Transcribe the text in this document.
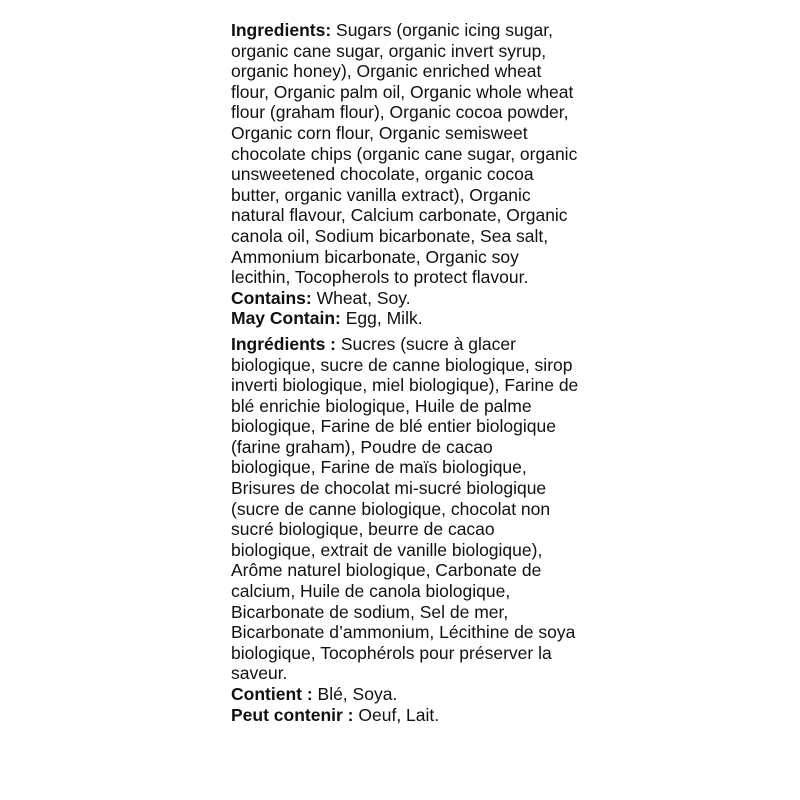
Ingredients: Sugars (organic icing sugar, organic cane sugar, organic invert syrup, organic honey), Organic enriched wheat flour, Organic palm oil, Organic whole wheat flour (graham flour), Organic cocoa powder, Organic corn flour, Organic semisweet chocolate chips (organic cane sugar, organic unsweetened chocolate, organic cocoa butter, organic vanilla extract), Organic natural flavour, Calcium carbonate, Organic canola oil, Sodium bicarbonate, Sea salt, Ammonium bicarbonate, Organic soy lecithin, Tocopherols to protect flavour. Contains: Wheat, Soy.

May Contain: Egg, Milk.

Ingrédients : Sucres (sucre à glacer biologique, sucre de canne biologique, sirop inverti biologique, miel biologique), Farine de blé enrichie biologique, Huile de palme biologique, Farine de blé entier biologique (farine graham), Poudre de cacao biologique, Farine de maïs biologique, Brisures de chocolat mi-sucré biologique (sucre de canne biologique, chocolat non sucré biologique, beurre de cacao biologique, extrait de vanille biologique), Arôme naturel biologique, Carbonate de calcium, Huile de canola biologique, Bicarbonate de sodium, Sel de mer, Bicarbonate d’ammonium, Lécithine de soya biologique, Tocophérols pour préserver la saveur.

Contient : Blé, Soya.

Peut contenir : Oeuf, Lait.
